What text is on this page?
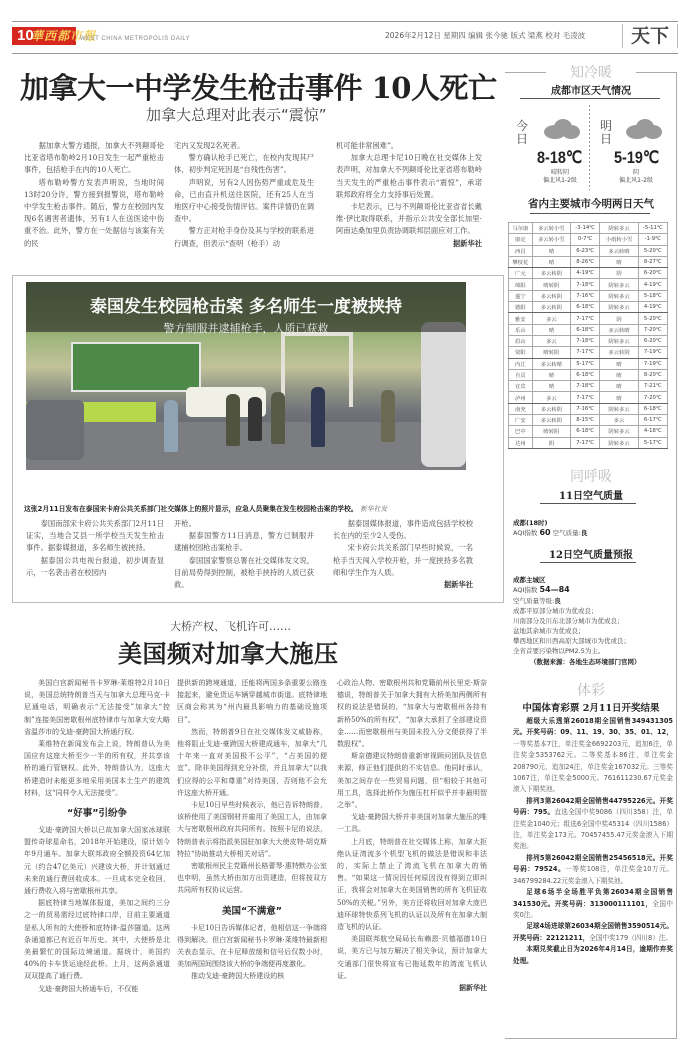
10
華西都市報
WEST CHINA METROPOLIS DAILY	2026年2月12日 星期四 编辑 张今驰 版式 梁燕 校对 毛凌波	天下
加拿大一中学发生枪击事件 10人死亡
加拿大总理对此表示“震惊”

据加拿大警方通报，加拿大不列颠哥伦比亚省塔布勒岭2月10日发生一起严重枪击事件，包括枪手在内的10人死亡。

塔布勒岭警方发表声明说，当地时间13时20分许，警方接到报警说，塔布勒岭中学发生枪击事件。随后，警方在校园内发现6名遇害者遗体，另有1人在送医途中伤重不治。此外，警方在一处据信与该案有关的民

宅内又发现2名死者。

警方确认枪手已死亡，在校内发现其尸体，初步判定死因是“自残性伤害”。

声明说，另有2人因伤势严重或危及生命，已由直升机送往医院，还有25人在当地医疗中心接受伤情评估。案件详情仍在调查中。

警方正对枪手身份及其与学校的联系进行调查，但表示“查明（枪手）动

机可能非常困难”。

加拿大总理卡尼10日晚在社交媒体上发表声明，对加拿大不列颠哥伦比亚省塔布勒岭当天发生的严重枪击事件表示“震惊”，承诺联邦政府将全力支持事后处置。

卡尼表示，已与不列颠哥伦比亚省省长戴维·伊比取得联系，并指示公共安全部长加里·阿南达桑加里负责协调联邦层面应对工作。

据新华社
泰国发生校园枪击案 多名师生一度被挟持
警方制服并逮捕枪手，人质已获救
这张2月11日发布在泰国宋卡府公共关系部门社交媒体上的照片显示，应急人员聚集在发生校园枪击案的学校。 新华社发

泰国南部宋卡府公共关系部门2月11日证实，当地合艾县一所学校当天发生枪击事件。据泰媒报道，多名师生被挟持。

据泰国公共电视台报道，初步调查显示，一名袭击者在校园内

开枪。

据泰国警方11日消息，警方已制服并逮捕校园枪击案枪手。

泰国国家警察总署在社交媒体发文说，目前局势得到控制，被枪手挟持的人质已获救。

据泰国媒体报道，事件造成包括学校校长在内的至少2人受伤。

宋卡府公共关系部门早些时候说，一名枪手当天闯入学校开枪，并一度挟持多名教师和学生作为人质。

据新华社
大桥产权、飞机许可……
美国频对加拿大施压

美国白宫新闻秘书卡罗琳·莱维特2月10日说，美国总统特朗普当天与加拿大总理马克·卡尼通电话，明确表示“无法接受”加拿大“控制”连接美国密歇根州底特律市与加拿大安大略省温莎市的戈迪·豪跨国大桥通行权。

莱维特在新闻发布会上说，特朗普认为美国应有这座大桥至少一半的所有权，并共享该桥的通行管辖权。此外，特朗普认为，这座大桥建造时未能更多地采用美国本土生产的建筑材料，这“同样令人无法接受”。

“好事”引纷争

戈迪·豪跨国大桥以已故加拿大国家冰球联盟传奇球星命名，2018年开始建设，原计划今年9月通车。加拿大联邦政府全额投资64亿加元（约合47亿美元）兴建该大桥，并计划通过未来的通行费回收成本。一旦成本完全收回，通行费收入将与密歇根州共享。

据底特律当地媒体报道，美加之间约三分之一的贸易需经过底特律口岸，目前主要通道是私人所有的大使桥和底特律-温莎隧道。这两条通道都已有近百年历史。其中，大使桥是北美最繁忙的国际边境通道。据统计，美国约40%的卡车货运途经此桥。上月，这两条通道双双提高了通行费。

戈迪·豪跨国大桥通车后，不仅能

提供新的跨境通道，还能将两国多条重要公路连接起来，避免货运车辆穿越城市街道。底特律地区商会称其为“州内最具影响力的基础设施项目”。

然而，特朗普9日在社交媒体发文威胁称，他将阻止戈迪·豪跨国大桥建成通车，加拿大“几十年来一直对美国极不公平”，“占美国的便宜”。除非美国得到充分补偿，并且加拿大“以我们应得的公平和尊重”对待美国，否则他不会允许这座大桥开通。

卡尼10日早些时候表示，他已告诉特朗普，该桥使用了美国钢材并雇用了美国工人，由加拿大与密歇根州政府共同所有。按照卡尼的说法，特朗普表示将指派美国驻加拿大大使皮特·胡克斯特拉“协助推动大桥相关对话”。

密歇根州民主党籍州长格蕾琴·惠特默办公室也申明，虽然大桥由加方出资建造，但将按双方共同所有权协议运营。

美国“不满意”

卡尼10日告诉媒体记者，他相信这一争端将得到解决。但白宫新闻秘书卡罗琳·莱维特最新相关表态显示，在卡尼释放缓和信号后仅数小时，美加两国间围绕该大桥的争端便再度激化。

推动戈迪·豪跨国大桥建设的核

心政治人物、密歇根州共和党籍前州长里克·斯奈德说，特朗普关于加拿大拥有大桥美加两侧所有权的说法是错误的，“加拿大与密歇根州各持有新桥50%的所有权”，“加拿大承担了全部建设资金……而密歇根州与美国未投入分文便获得了半数股权”。

斯奈德建议特朗普重新审视顾问团队及信息来源，修正他们提供的不实信息。他同时承认，美加之间存在一些贸易问题，但“相较于其他可用工具，选择此桥作为施压杠杆似乎并非最明智之举”。

戈迪·豪跨国大桥并非美国对加拿大施压的唯一工具。

上月底，特朗普在社交媒体上称，加拿大拒绝认证湾流多个机型飞机的做法是错误和非法的，实际上禁止了湾流飞机在加拿大的销售。“如果这一情况因任何原因没有得到立即纠正，我将会对加拿大在美国销售的所有飞机征收50%的关税。”另外，美方还将收回对加拿大庞巴迪环球特快系列飞机的认证以及所有在加拿大制造飞机的认证。

美国联邦航空局局长布赖恩·贝德福德10日说，美方已与加方解决了相关争议，预计加拿大交通部门很快将宣布已拖延数年的湾流飞机认证。

据新华社
知冷暖
成都市区天气情况
今日
8-18℃
晴转阴
偏北风1-2级
明日
5-19℃
阴
偏北风1-2级
省内主要城市今明两日天气
马尔康	多云转小雪	-3-14℃	阴转多云	-5-11℃
康定	多云转小雪	0-7℃	小雨转小雪	-1-9℃
西昌	晴	6-23℃	多云转晴	5-20℃
攀枝花	晴	8-26℃	晴	8-27℃
广元	多云转阴	4-19℃	阴	6-20℃
绵阳	晴转阴	7-18℃	阴转多云	4-19℃
遂宁	多云转阴	7-16℃	阴转多云	5-18℃
德阳	多云转阴	6-18℃	阴转多云	4-19℃
雅安	多云	7-17℃	阴	5-20℃
乐山	晴	6-18℃	多云转晴	7-20℃
眉山	多云	7-18℃	阴转多云	6-20℃
资阳	晴转阴	7-17℃	多云转阴	7-19℃
内江	多云转晴	5-17℃	晴	7-19℃
自贡	晴	6-18℃	晴	8-20℃
宜宾	晴	7-18℃	晴	7-21℃
泸州	多云	7-17℃	晴	7-20℃
南充	多云转阴	7-16℃	阴转多云	6-18℃
广安	多云转阴	8-15℃	多云	6-17℃
巴中	晴转阴	6-18℃	阴转多云	4-18℃
达州	阴	7-17℃	阴转多云	5-17℃
同呼吸
11日空气质量
成都(18时)
AQI指数 60 空气质量:良
12日空气质量预报
成都主城区
AQI指数 54—84
空气质量等级:良
成都平原部分城市为优或良；
川南部分及川东北部分城市为优或良；
盆地其余城市为优或良；
攀西地区和川西高原大部城市为优或良；
全省首要污染物以PM2.5为主。
（数据来源：各地生态环境部门官网）
体彩
中国体育彩票 2月11日开奖结果

超级大乐透第26018期全国销售349431305元。开奖号码：09、11、19、30、35、01、12，一等奖基本7注，单注奖金6692203元，追加6注，单注奖金5353762元。二等奖基本86注，单注奖金208790元，追加24注，单注奖金167032元。三等奖1067注，单注奖金5000元。761611230.67元奖金滚入下期奖池。

排列3第26042期全国销售44795226元。开奖号码：795。直选全国中奖9086（四川358）注，单注奖金1040元；组选6全国中奖45314（四川1586）注，单注奖金173元。70457455.47元奖金滚入下期奖池。

排列5第26042期全国销售25456518元。开奖号码：79524。一等奖108注，单注奖金10万元。346799284.22元奖金滚入下期奖池。

足球6场半全场胜平负第26034期全国销售341530元。开奖号码：313000111101，全国中奖0注。

足球4场进球第26034期全国销售3590514元。开奖号码：22121211，全国中奖179（四川8）注。

本期兑奖截止日为2026年4月14日，逾期作弃奖处理。
